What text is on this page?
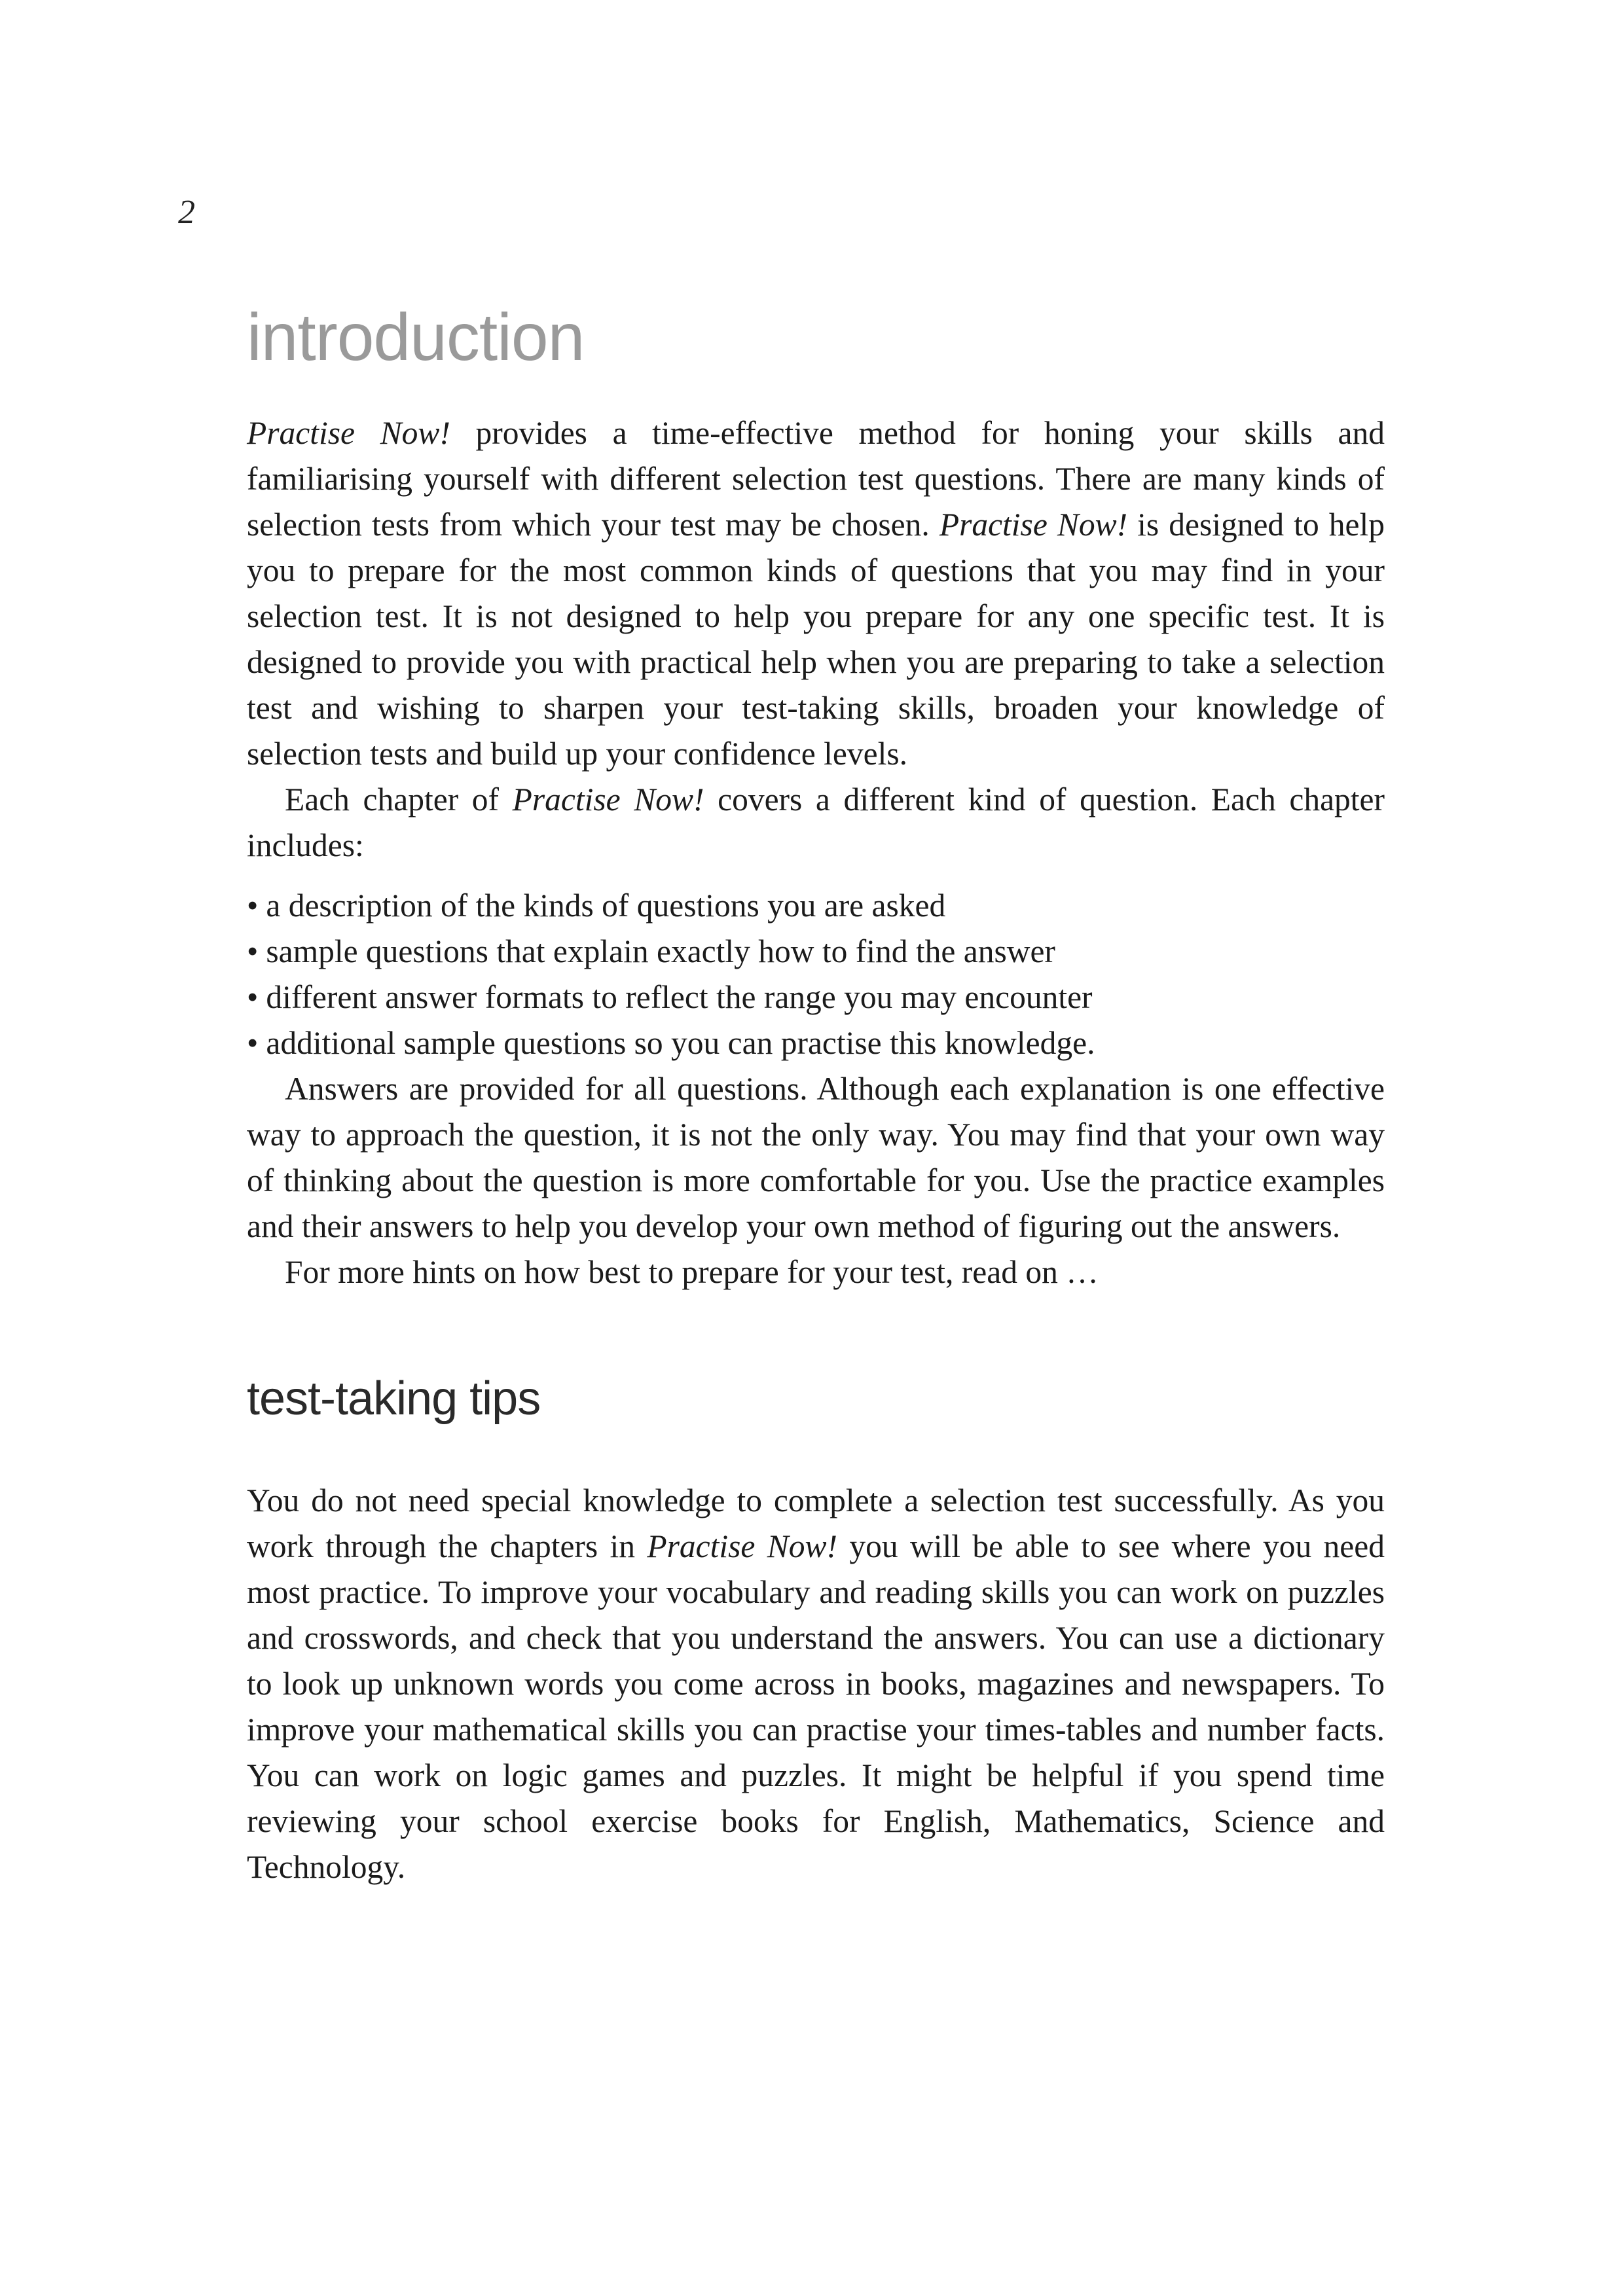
2
introduction

Practise Now! provides a time-effective method for honing your skills and familiarising yourself with different selection test questions. There are many kinds of selection tests from which your test may be chosen. Practise Now! is designed to help you to prepare for the most common kinds of questions that you may find in your selection test. It is not designed to help you prepare for any one specific test. It is designed to provide you with practical help when you are preparing to take a selection test and wishing to sharpen your test-taking skills, broaden your knowledge of selection tests and build up your confidence levels.

Each chapter of Practise Now! covers a different kind of question. Each chapter includes:

• a description of the kinds of questions you are asked
• sample questions that explain exactly how to find the answer
• different answer formats to reflect the range you may encounter
• additional sample questions so you can practise this knowledge.

Answers are provided for all questions. Although each explanation is one effective way to approach the question, it is not the only way. You may find that your own way of thinking about the question is more comfortable for you. Use the practice examples and their answers to help you develop your own method of figuring out the answers.

For more hints on how best to prepare for your test, read on …

test-taking tips

You do not need special knowledge to complete a selection test successfully. As you work through the chapters in Practise Now! you will be able to see where you need most practice. To improve your vocabulary and reading skills you can work on puzzles and crosswords, and check that you understand the answers. You can use a dictionary to look up unknown words you come across in books, magazines and newspapers. To improve your mathematical skills you can practise your times-tables and number facts. You can work on logic games and puzzles. It might be helpful if you spend time reviewing your school exercise books for English, Mathematics, Science and Technology.
